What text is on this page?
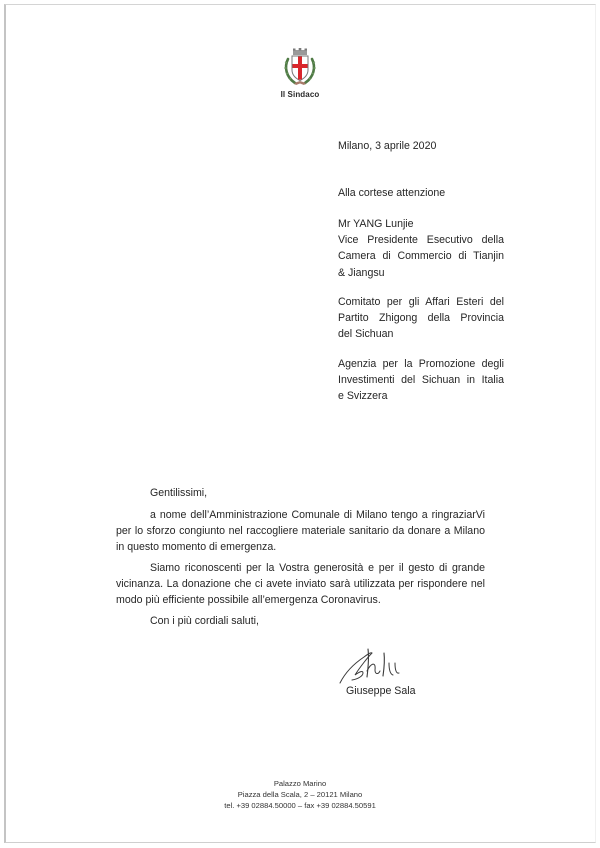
Il Sindaco
Milano, 3 aprile 2020
Alla cortese attenzione
Mr YANG Lunjie
Vice Presidente Esecutivo della
Camera di Commercio di Tianjin
& Jiangsu
Comitato per gli Affari Esteri del
Partito Zhigong della Provincia
del Sichuan
Agenzia per la Promozione degli
Investimenti del Sichuan in Italia
e Svizzera
Gentilissimi,
a nome dell’Amministrazione Comunale di Milano tengo a ringraziarVi per lo sforzo congiunto nel raccogliere materiale sanitario da donare a Milano in questo momento di emergenza.
Siamo riconoscenti per la Vostra generosità e per il gesto di grande vicinanza. La donazione che ci avete inviato sarà utilizzata per rispondere nel modo più efficiente possibile all’emergenza Coronavirus.
Con i più cordiali saluti,
Giuseppe Sala
Palazzo Marino
Piazza della Scala, 2 – 20121 Milano
tel. +39 02884.50000 – fax +39 02884.50591
